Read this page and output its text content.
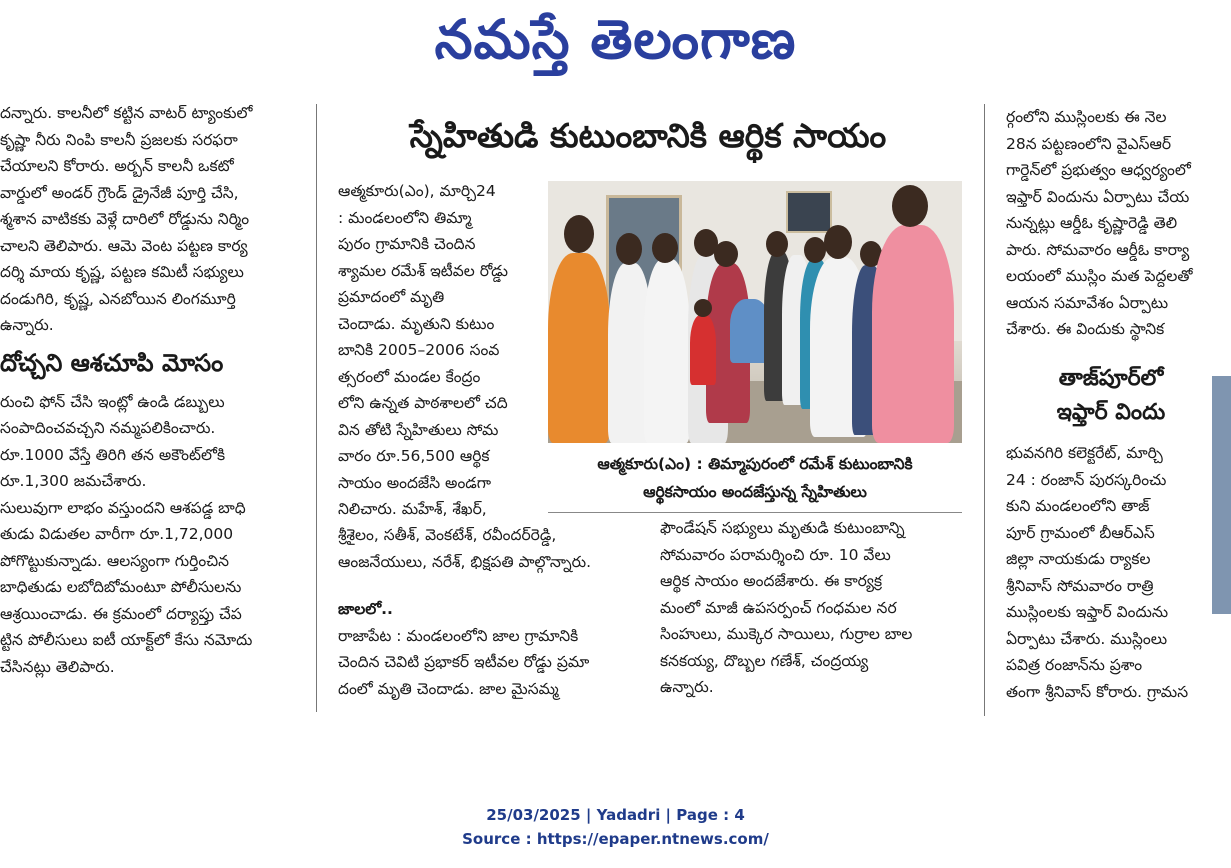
నమస్తే తెలంగాణ

దన్నారు. కాలనీలో కట్టిన వాటర్ ట్యాంకులో

కృష్ణా నీరు నింపి కాలనీ ప్రజలకు సరఫరా

చేయాలని కోరారు. అర్బన్ కాలనీ ఒకటో

వార్డులో అండర్ గ్రౌండ్ డ్రైనేజీ పూర్తి చేసి,

శ్మశాన వాటికకు వెళ్లే దారిలో రోడ్డును నిర్మిం

చాలని తెలిపారు. ఆమె వెంట పట్టణ కార్య

దర్శి మాయ కృష్ణ, పట్టణ కమిటీ సభ్యులు

దండుగిరి, కృష్ణ, ఎనబోయిన లింగమూర్తి

ఉన్నారు.

దోచ్చని ఆశచూపి మోసం

రుంచి ఫోన్ చేసి ఇంట్లో ఉండి డబ్బులు

సంపాదించవచ్చని నమ్మపలికించారు.

రూ.1000 వేస్తే తిరిగి తన అకౌంట్‌లోకి

రూ.1,300 జమచేశారు.

సులువుగా లాభం వస్తుందని ఆశపడ్డ బాధి

తుడు విడుతల వారీగా రూ.1,72,000

పోగొట్టుకున్నాడు. ఆలస్యంగా గుర్తించిన

బాధితుడు లబోదిబోమంటూ పోలీసులను

ఆశ్రయించాడు. ఈ క్రమంలో దర్యాప్తు చేప

ట్టిన పోలీసులు ఐటీ యాక్ట్‌లో కేసు నమోదు

చేసినట్లు తెలిపారు.

స్నేహితుడి కుటుంబానికి ఆర్థిక సాయం

ఆత్మకూరు(ఎం), మార్చి24

: మండలంలోని తిమ్మా

పురం గ్రామానికి చెందిన

శ్యామల రమేశ్ ఇటీవల రోడ్డు

ప్రమాదంలో మృతి

చెందాడు. మృతుని కుటుం

బానికి 2005–2006 సంవ

త్సరంలో మండల కేంద్రం

లోని ఉన్నత పాఠశాలలో చది

విన తోటి స్నేహితులు సోమ

వారం రూ.56,500 ఆర్థిక

సాయం అందజేసి అండగా

నిలిచారు. మహేశ్, శేఖర్,

శ్రీశైలం, సతీశ్, వెంకటేశ్, రవీందర్‌రెడ్డి,

ఆంజనేయులు, నరేశ్, భిక్షపతి పాల్గొన్నారు.

జాలలో..

రాజాపేట : మండలంలోని జాల గ్రామానికి

చెందిన చెవిటి ప్రభాకర్ ఇటీవల రోడ్డు ప్రమా

దంలో మృతి చెందాడు. జాల మైసమ్మ

ఫౌండేషన్ సభ్యులు మృతుడి కుటుంబాన్ని

సోమవారం పరామర్శించి రూ. 10 వేలు

ఆర్థిక సాయం అందజేశారు. ఈ కార్యక్ర

మంలో మాజీ ఉపసర్పంచ్ గంధమల నర

సింహులు, ముక్కెర సాయిలు, గుర్రాల బాల

కనకయ్య, దొబ్బల గణేశ్, చంద్రయ్య

ఉన్నారు.

ఆత్మకూరు(ఎం) : తిమ్మాపురంలో రమేశ్ కుటుంబానికి
ఆర్థికసాయం అందజేస్తున్న స్నేహితులు

ర్గంలోని ముస్లింలకు ఈ నెల

28న పట్టణంలోని వైఎస్ఆర్

గార్డెన్‌లో ప్రభుత్వం ఆధ్వర్యంలో

ఇఫ్తార్ విందును ఏర్పాటు చేయ

నున్నట్లు ఆర్డీఓ కృష్ణారెడ్డి తెలి

పారు. సోమవారం ఆర్డీఓ కార్యా

లయంలో ముస్లిం మత పెద్దలతో

ఆయన సమావేశం ఏర్పాటు

చేశారు. ఈ విందుకు స్థానిక

తాజ్‌పూర్‌లో
ఇఫ్తార్ విందు

భువనగిరి కలెక్టరేట్, మార్చి

24 : రంజాన్ పురస్కరించు

కుని మండలంలోని తాజ్

పూర్ గ్రామంలో బీఆర్ఎస్

జిల్లా నాయకుడు ర్యాకల

శ్రీనివాస్ సోమవారం రాత్రి

ముస్లింలకు ఇఫ్తార్ విందును

ఏర్పాటు చేశారు. ముస్లింలు

పవిత్ర రంజాన్‌ను ప్రశాం

తంగా శ్రీనివాస్ కోరారు. గ్రామస

25/03/2025 | Yadadri | Page : 4
Source : https://epaper.ntnews.com/
